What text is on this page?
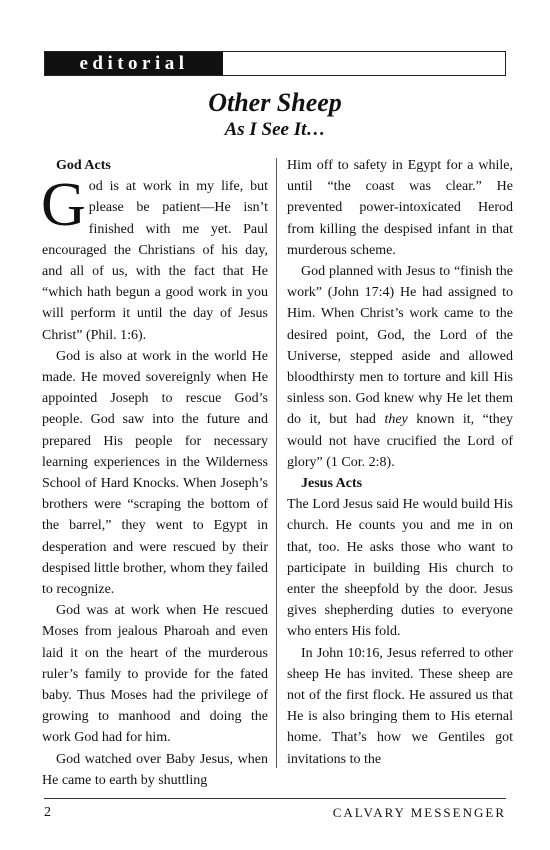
editorial
Other Sheep
As I See It…
God Acts

God is at work in my life, but please be patient—He isn’t finished with me yet. Paul encouraged the Christians of his day, and all of us, with the fact that He “which hath begun a good work in you will perform it until the day of Jesus Christ” (Phil. 1:6).

God is also at work in the world He made. He moved sovereignly when He appointed Joseph to rescue God’s people. God saw into the future and prepared His people for necessary learning experiences in the Wilderness School of Hard Knocks. When Joseph’s brothers were “scraping the bottom of the barrel,” they went to Egypt in desperation and were rescued by their despised little brother, whom they failed to recognize.

God was at work when He rescued Moses from jealous Pharoah and even laid it on the heart of the murderous ruler’s family to provide for the fated baby. Thus Moses had the privilege of growing to manhood and doing the work God had for him.

God watched over Baby Jesus, when He came to earth by shuttling

Him off to safety in Egypt for a while, until “the coast was clear.” He prevented power-intoxicated Herod from killing the despised infant in that murderous scheme.

God planned with Jesus to “finish the work” (John 17:4) He had assigned to Him. When Christ’s work came to the desired point, God, the Lord of the Universe, stepped aside and allowed bloodthirsty men to torture and kill His sinless son. God knew why He let them do it, but had they known it, “they would not have crucified the Lord of glory” (1 Cor. 2:8).

Jesus Acts

The Lord Jesus said He would build His church. He counts you and me in on that, too. He asks those who want to participate in building His church to enter the sheepfold by the door. Jesus gives shepherding duties to everyone who enters His fold.

In John 10:16, Jesus referred to other sheep He has invited. These sheep are not of the first flock. He assured us that He is also bringing them to His eternal home. That’s how we Gentiles got invitations to the

2	CALVARY MESSENGER
